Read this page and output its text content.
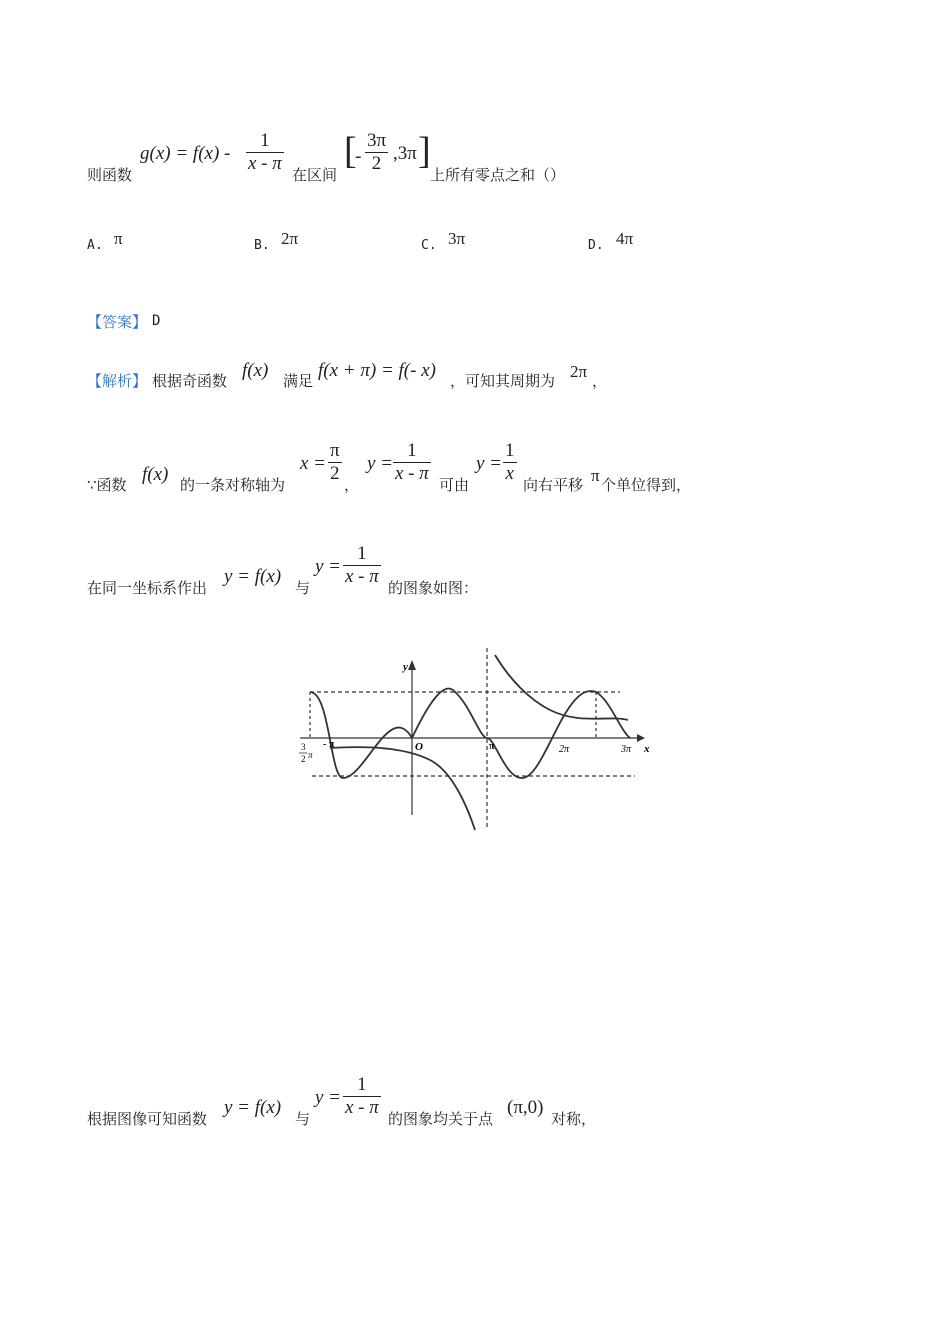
则函数
$g(x) = f(x) - \frac{1}{x - \pi}$ 在区间
[
- $\frac{3\pi}{2} ,3\pi$ ]
上所有零点之和（）
A. π	B. 2π	C. 3π	D. 4π
【答案】 D
【解析】 根据奇函数 f(x) 满足 f(x + π) = f(- x) ，可知其周期为 2π ，
∵函数 f(x) 的一条对称轴为
$x = \frac{\pi}{2}$ ，
$y = \frac{1}{x - \pi}$ 可由
$y = \frac{1}{x}$ 向右平移 π 个单位得到，
在同一坐标系作出
y = f(x)
与
$y = \frac{1}{x - \pi}$ 的图象如图：
y
x
O
- π	π	2π	3π
3
2 π
根据图像可知函数
y = f(x)
与
$y = \frac{1}{x - \pi}$ 的图象均关于点
(π,0)
对称，
